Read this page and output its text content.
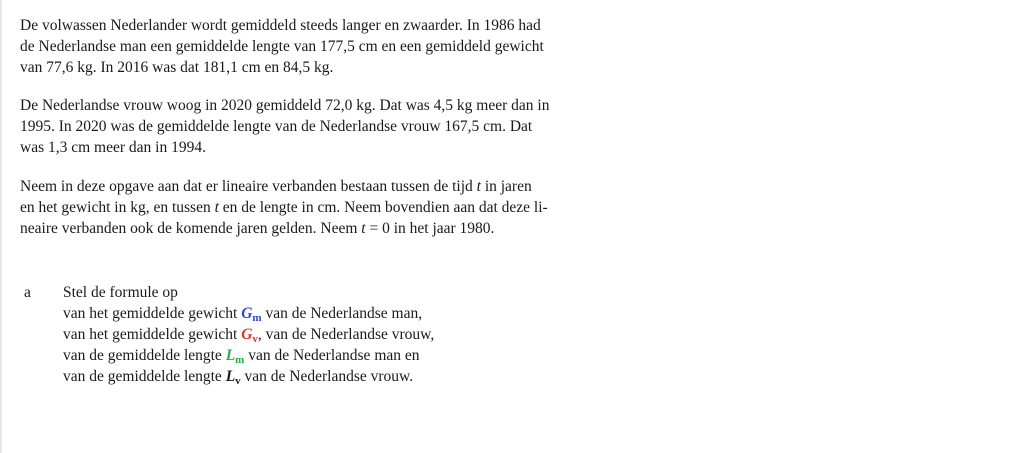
De volwassen Nederlander wordt gemiddeld steeds langer en zwaarder. In 1986 had
de Nederlandse man een gemiddelde lengte van 177,5 cm en een gemiddeld gewicht
van 77,6 kg. In 2016 was dat 181,1 cm en 84,5 kg.
De Nederlandse vrouw woog in 2020 gemiddeld 72,0 kg. Dat was 4,5 kg meer dan in
1995. In 2020 was de gemiddelde lengte van de Nederlandse vrouw 167,5 cm. Dat
was 1,3 cm meer dan in 1994.
Neem in deze opgave aan dat er lineaire verbanden bestaan tussen de tijd t in jaren
en het gewicht in kg, en tussen t en de lengte in cm. Neem bovendien aan dat deze li-
neaire verbanden ook de komende jaren gelden. Neem t = 0 in het jaar 1980.
a Stel de formule op
van het gemiddelde gewicht $G_m$ van de Nederlandse man,
van het gemiddelde gewicht $G_v$, van de Nederlandse vrouw,
van de gemiddelde lengte $L_m$ van de Nederlandse man en
van de gemiddelde lengte $L_v$ van de Nederlandse vrouw.
